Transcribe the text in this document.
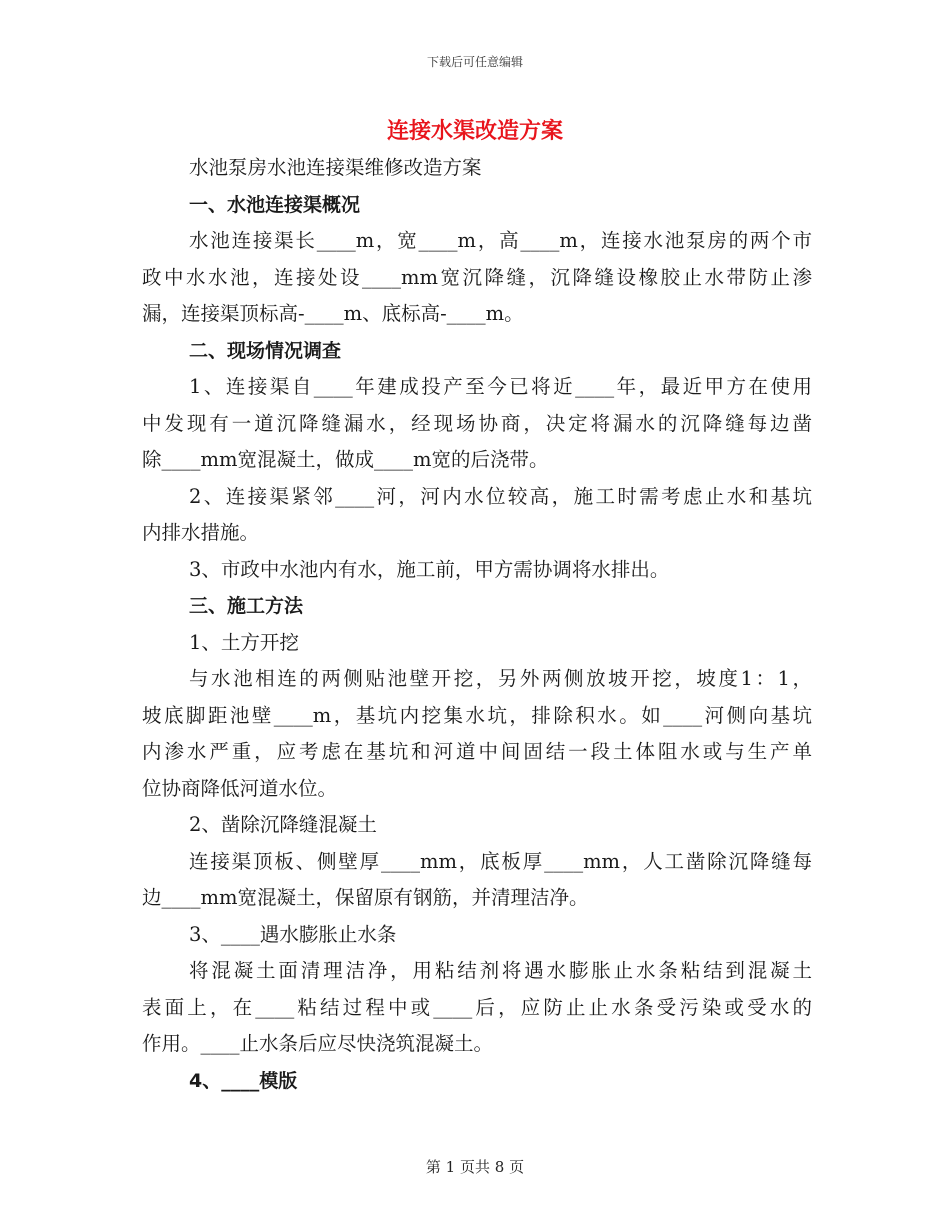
下载后可任意编辑
连接水渠改造方案
水池泵房水池连接渠维修改造方案
一、水池连接渠概况
水池连接渠长____m，宽____m，高____m，连接水池泵房的两个市
政中水水池，连接处设____mm宽沉降缝，沉降缝设橡胶止水带防止渗
漏，连接渠顶标高-____m、底标高-____m。
二、现场情况调查
1、连接渠自____年建成投产至今已将近____年，最近甲方在使用
中发现有一道沉降缝漏水，经现场协商，决定将漏水的沉降缝每边凿
除____mm宽混凝土，做成____m宽的后浇带。
2、连接渠紧邻____河，河内水位较高，施工时需考虑止水和基坑
内排水措施。
3、市政中水池内有水，施工前，甲方需协调将水排出。
三、施工方法
1、土方开挖
与水池相连的两侧贴池壁开挖，另外两侧放坡开挖，坡度1：1，
坡底脚距池壁____m，基坑内挖集水坑，排除积水。如____河侧向基坑
内渗水严重，应考虑在基坑和河道中间固结一段土体阻水或与生产单
位协商降低河道水位。
2、凿除沉降缝混凝土
连接渠顶板、侧壁厚____mm，底板厚____mm，人工凿除沉降缝每
边____mm宽混凝土，保留原有钢筋，并清理洁净。
3、____遇水膨胀止水条
将混凝土面清理洁净，用粘结剂将遇水膨胀止水条粘结到混凝土
表面上，在____粘结过程中或____后，应防止止水条受污染或受水的
作用。____止水条后应尽快浇筑混凝土。
4、____模版
第 1 页共 8 页
